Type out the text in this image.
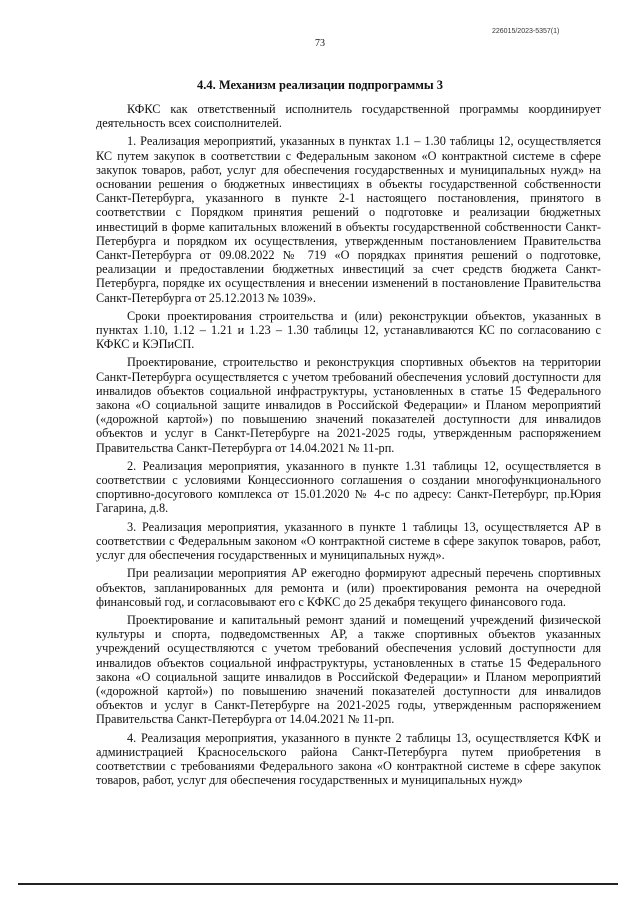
226015/2023-5357(1)
73
4.4. Механизм реализации подпрограммы 3

КФКС как ответственный исполнитель государственной программы координирует деятельность всех соисполнителей.

1. Реализация мероприятий, указанных в пунктах 1.1 – 1.30 таблицы 12, осуществляется КС путем закупок в соответствии с Федеральным законом «О контрактной системе в сфере закупок товаров, работ, услуг для обеспечения государственных и муниципальных нужд» на основании решения о бюджетных инвестициях в объекты государственной собственности Санкт-Петербурга, указанного в пункте 2-1 настоящего постановления, принятого в соответствии с Порядком принятия решений о подготовке и реализации бюджетных инвестиций в форме капитальных вложений в объекты государственной собственности Санкт-Петербурга и порядком их осуществления, утвержденным постановлением Правительства Санкт-Петербурга от 09.08.2022 № 719 «О порядках принятия решений о подготовке, реализации и предоставлении бюджетных инвестиций за счет средств бюджета Санкт-Петербурга, порядке их осуществления и внесении изменений в постановление Правительства Санкт-Петербурга от 25.12.2013 № 1039».

Сроки проектирования строительства и (или) реконструкции объектов, указанных в пунктах 1.10, 1.12 – 1.21 и 1.23 – 1.30 таблицы 12, устанавливаются КС по согласованию с КФКС и КЭПиСП.

Проектирование, строительство и реконструкция спортивных объектов на территории Санкт-Петербурга осуществляется с учетом требований обеспечения условий доступности для инвалидов объектов социальной инфраструктуры, установленных в статье 15 Федерального закона «О социальной защите инвалидов в Российской Федерации» и Планом мероприятий («дорожной картой») по повышению значений показателей доступности для инвалидов объектов и услуг в Санкт-Петербурге на 2021-2025 годы, утвержденным распоряжением Правительства Санкт-Петербурга от 14.04.2021 № 11-рп.

2. Реализация мероприятия, указанного в пункте 1.31 таблицы 12, осуществляется в соответствии с условиями Концессионного соглашения о создании многофункционального спортивно-досугового комплекса от 15.01.2020 № 4-с по адресу: Санкт-Петербург, пр.Юрия Гагарина, д.8.

3. Реализация мероприятия, указанного в пункте 1 таблицы 13, осуществляется АР в соответствии с Федеральным законом «О контрактной системе в сфере закупок товаров, работ, услуг для обеспечения государственных и муниципальных нужд».

При реализации мероприятия АР ежегодно формируют адресный перечень спортивных объектов, запланированных для ремонта и (или) проектирования ремонта на очередной финансовый год, и согласовывают его с КФКС до 25 декабря текущего финансового года.

Проектирование и капитальный ремонт зданий и помещений учреждений физической культуры и спорта, подведомственных АР, а также спортивных объектов указанных учреждений осуществляются с учетом требований обеспечения условий доступности для инвалидов объектов социальной инфраструктуры, установленных в статье 15 Федерального закона «О социальной защите инвалидов в Российской Федерации» и Планом мероприятий («дорожной картой») по повышению значений показателей доступности для инвалидов объектов и услуг в Санкт-Петербурге на 2021-2025 годы, утвержденным распоряжением Правительства Санкт-Петербурга от 14.04.2021 № 11-рп.

4. Реализация мероприятия, указанного в пункте 2 таблицы 13, осуществляется КФК и администрацией Красносельского района Санкт-Петербурга путем приобретения в соответствии с требованиями Федерального закона «О контрактной системе в сфере закупок товаров, работ, услуг для обеспечения государственных и муниципальных нужд»
